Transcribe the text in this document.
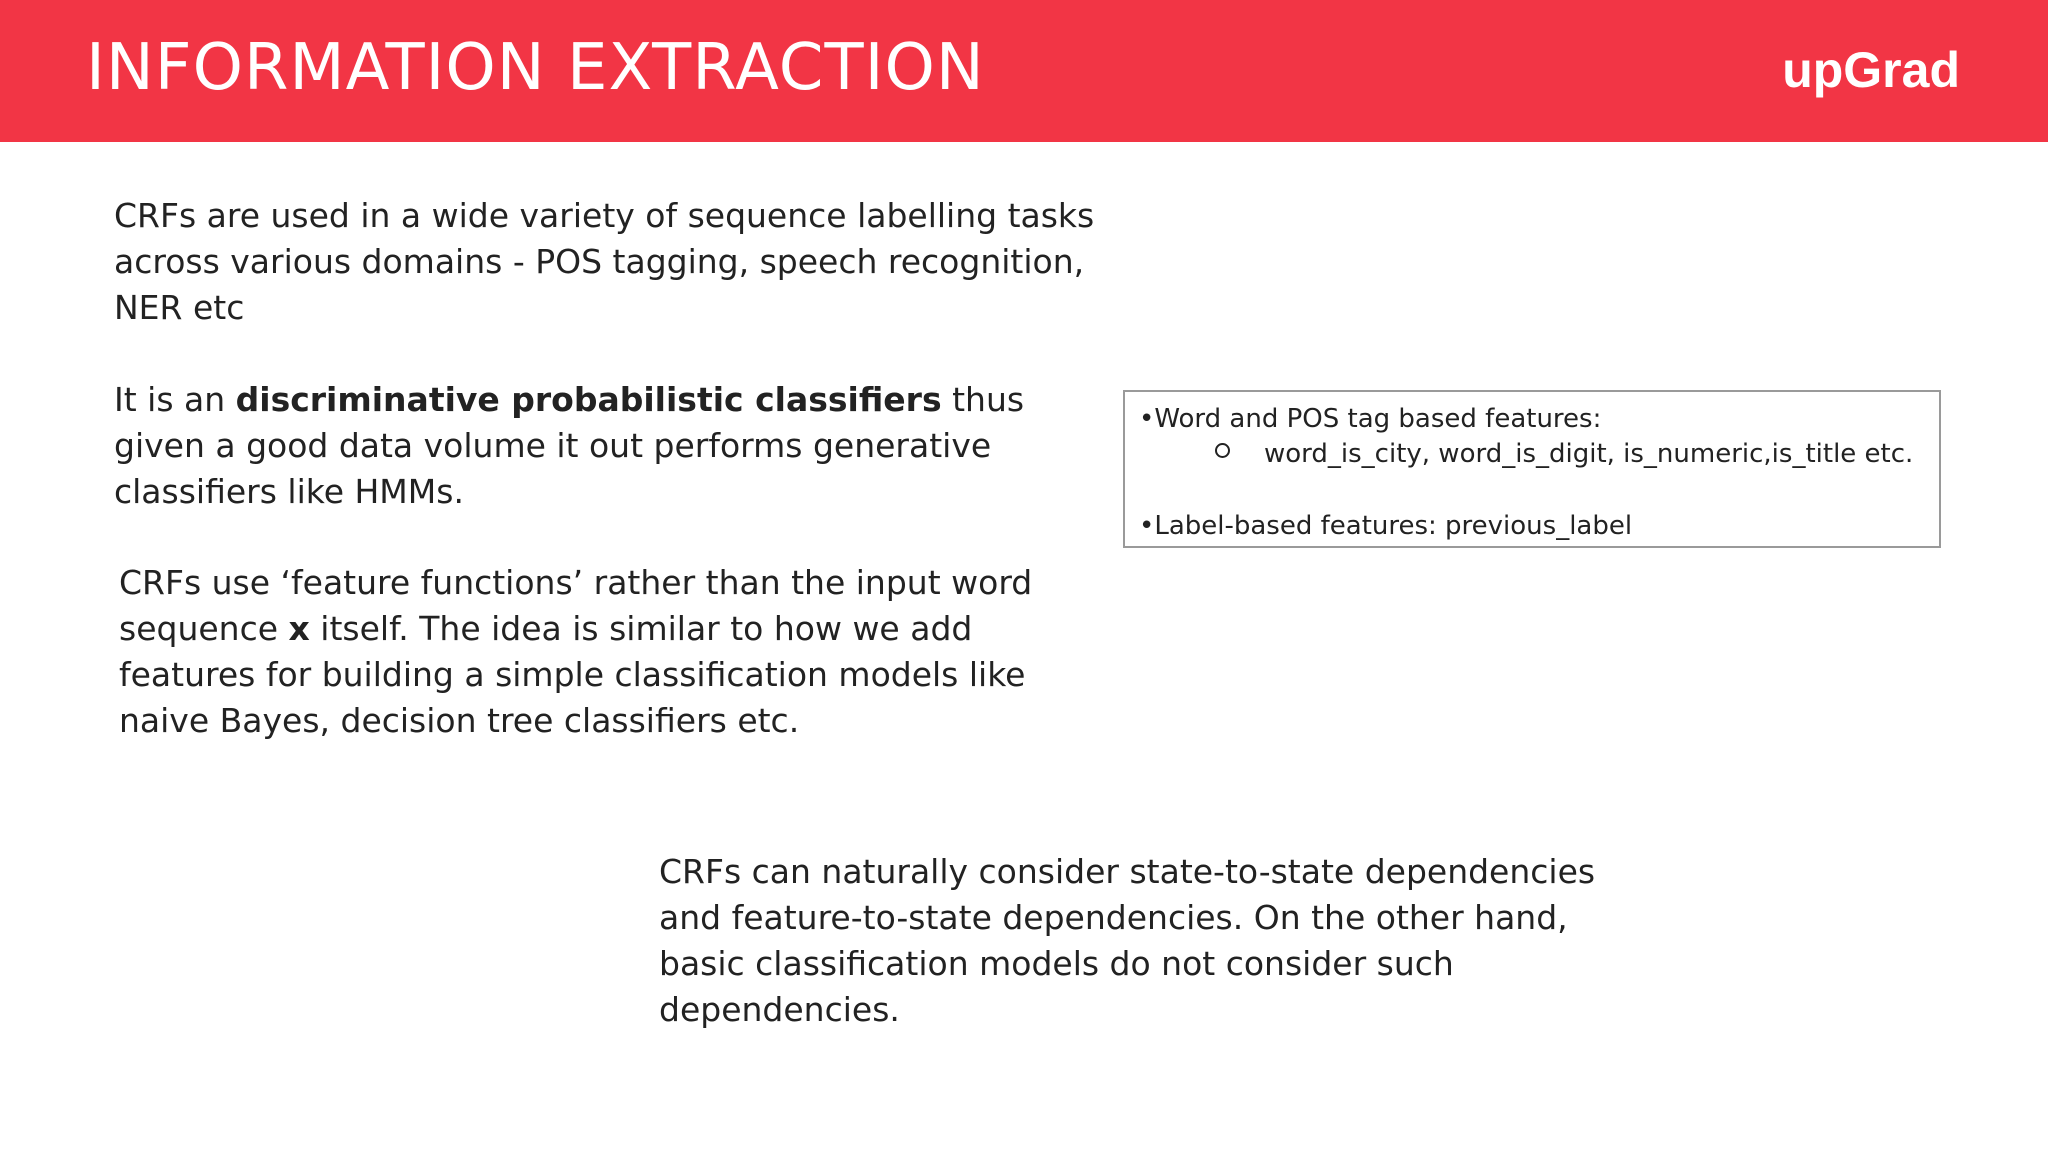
INFORMATION EXTRACTION	upGrad

CRFs are used in a wide variety of sequence labelling tasks across various domains - POS tagging, speech recognition, NER etc

It is an discriminative probabilistic classifiers thus given a good data volume it out performs generative classifiers like HMMs.

CRFs use ‘feature functions’ rather than the input word sequence x itself. The idea is similar to how we add features for building a simple classification models like naive Bayes, decision tree classifiers etc.

•Word and POS tag based features:
word_is_city, word_is_digit, is_numeric,is_title etc.
•Label-based features: previous_label

CRFs can naturally consider state-to-state dependencies and feature-to-state dependencies. On the other hand, basic classification models do not consider such dependencies.
